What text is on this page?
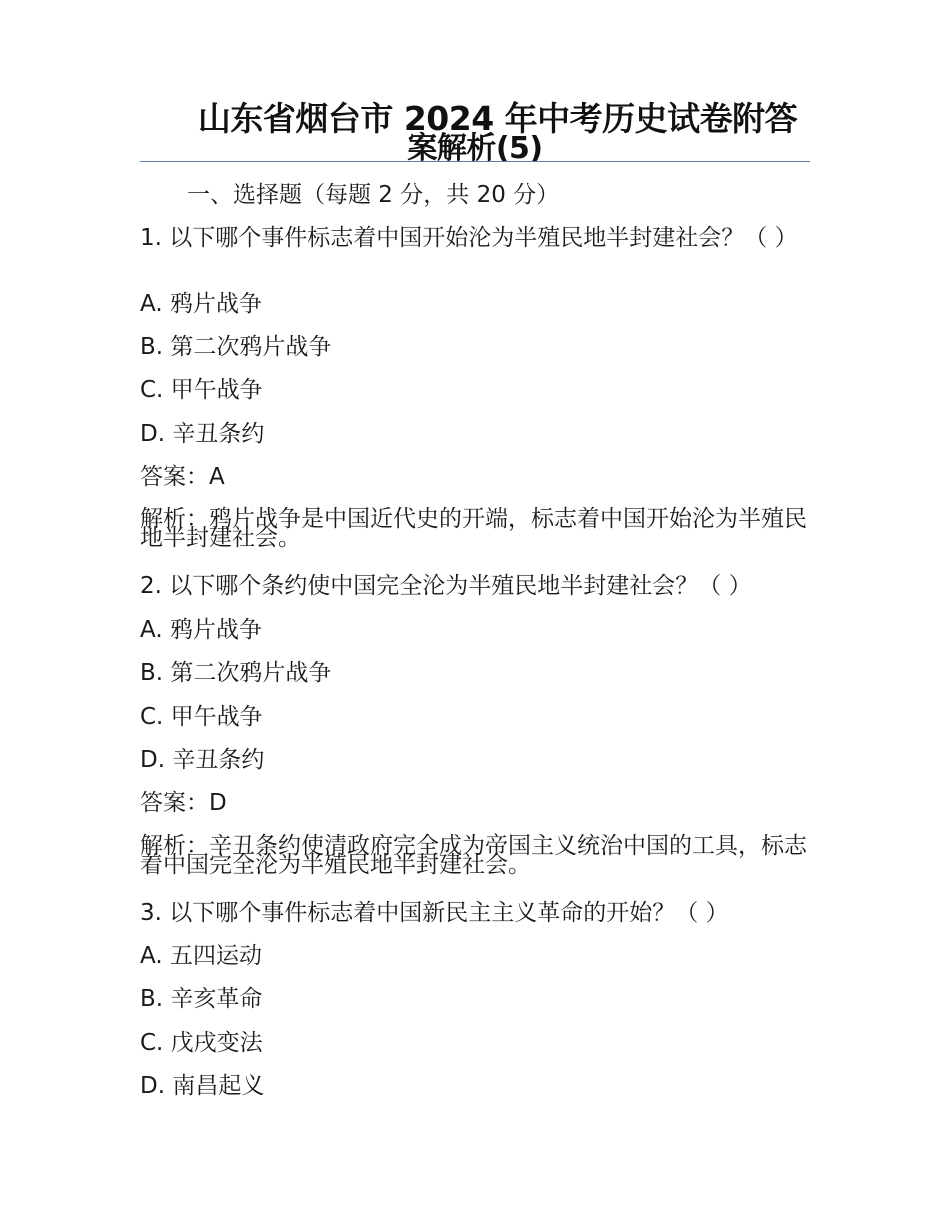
山东省烟台市 2024 年中考历史试卷附答
案解析(5)
一、选择题（每题 2 分，共 20 分）
1. 以下哪个事件标志着中国开始沦为半殖民地半封建社会？（ ）
A. 鸦片战争
B. 第二次鸦片战争
C. 甲午战争
D. 辛丑条约
答案：A
解析：鸦片战争是中国近代史的开端，标志着中国开始沦为半殖民地半封建社会。
2. 以下哪个条约使中国完全沦为半殖民地半封建社会？（ ）
A. 鸦片战争
B. 第二次鸦片战争
C. 甲午战争
D. 辛丑条约
答案：D
解析：辛丑条约使清政府完全成为帝国主义统治中国的工具，标志着中国完全沦为半殖民地半封建社会。
3. 以下哪个事件标志着中国新民主主义革命的开始？（ ）
A. 五四运动
B. 辛亥革命
C. 戊戌变法
D. 南昌起义
